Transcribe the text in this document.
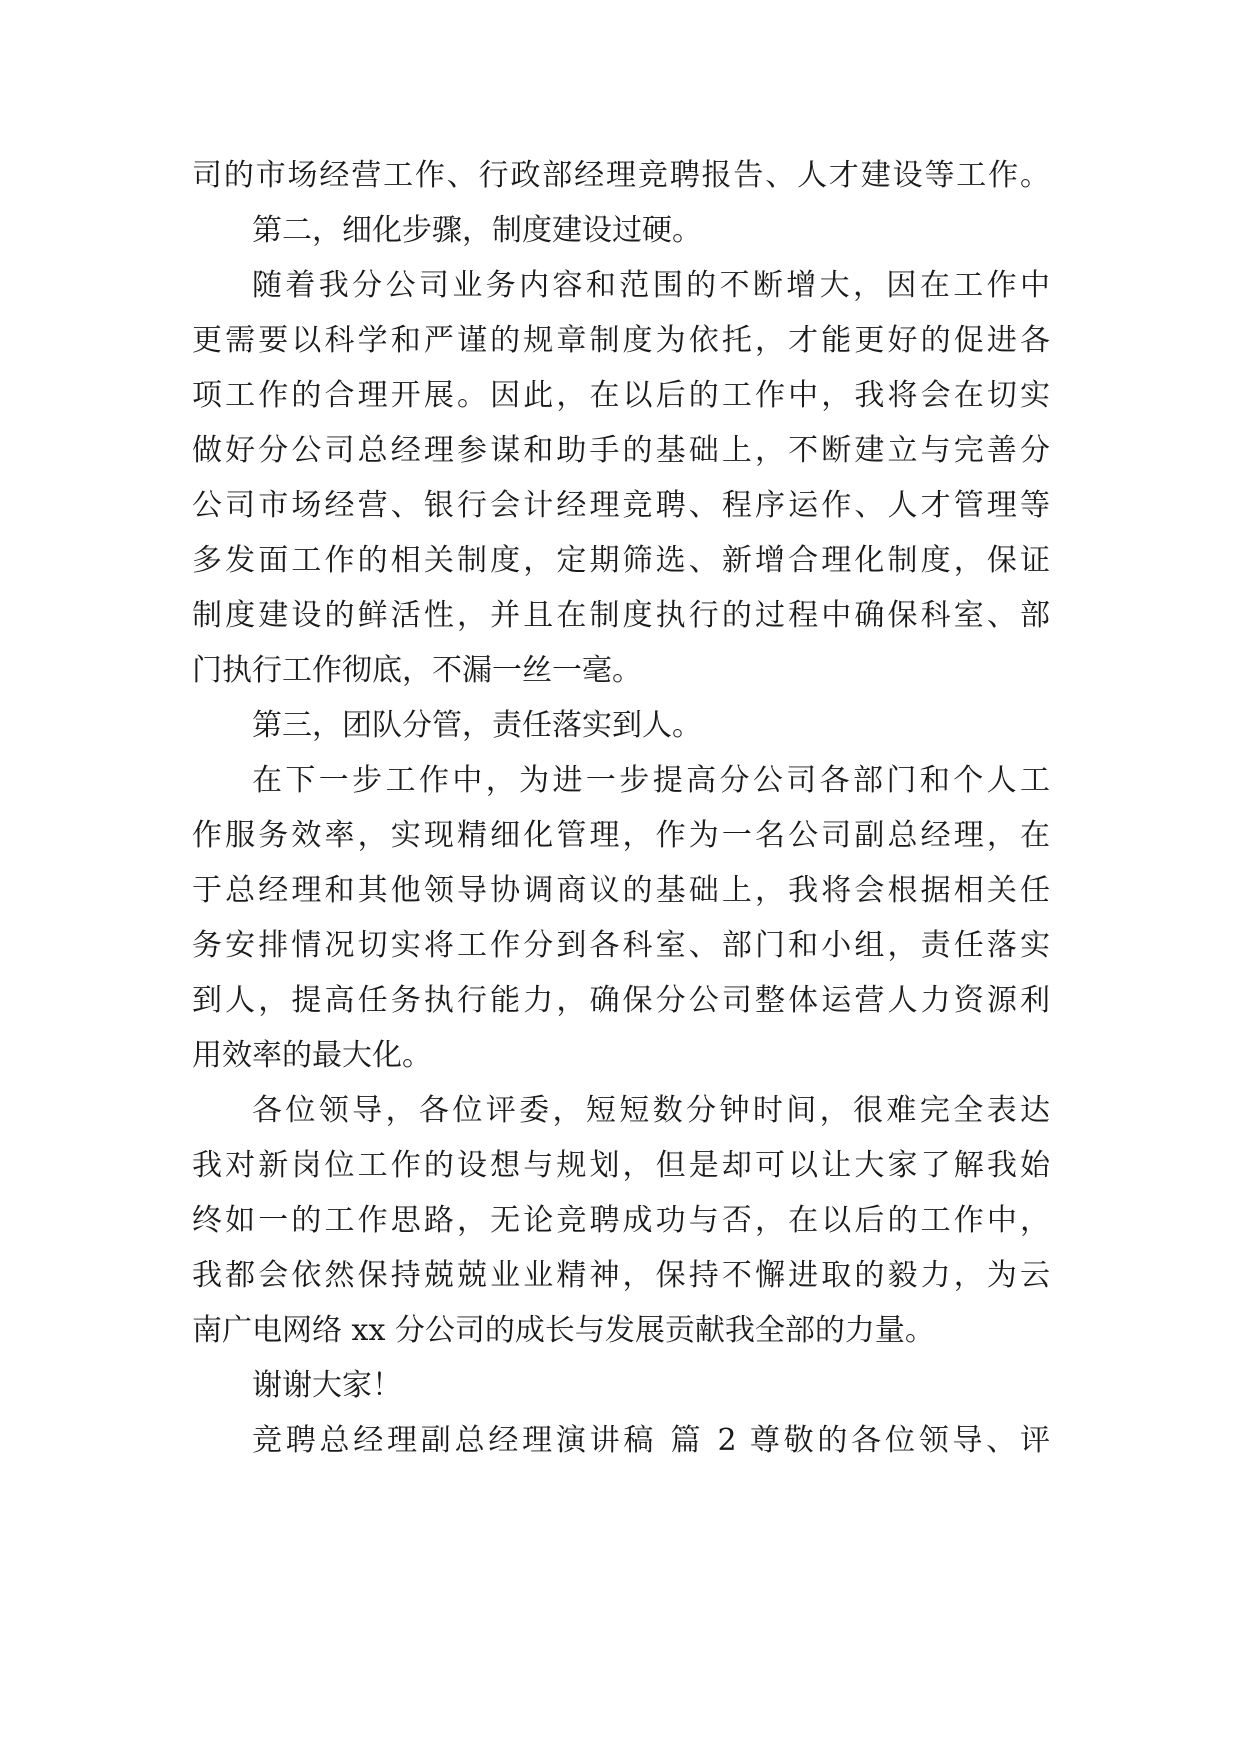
司的市场经营工作、行政部经理竞聘报告、人才建设等工作。
第二，细化步骤，制度建设过硬。
随着我分公司业务内容和范围的不断增大，因在工作中
更需要以科学和严谨的规章制度为依托，才能更好的促进各
项工作的合理开展。因此，在以后的工作中，我将会在切实
做好分公司总经理参谋和助手的基础上，不断建立与完善分
公司市场经营、银行会计经理竞聘、程序运作、人才管理等
多发面工作的相关制度，定期筛选、新增合理化制度，保证
制度建设的鲜活性，并且在制度执行的过程中确保科室、部
门执行工作彻底，不漏一丝一毫。
第三，团队分管，责任落实到人。
在下一步工作中，为进一步提高分公司各部门和个人工
作服务效率，实现精细化管理，作为一名公司副总经理，在
于总经理和其他领导协调商议的基础上，我将会根据相关任
务安排情况切实将工作分到各科室、部门和小组，责任落实
到人，提高任务执行能力，确保分公司整体运营人力资源利
用效率的最大化。
各位领导，各位评委，短短数分钟时间，很难完全表达
我对新岗位工作的设想与规划，但是却可以让大家了解我始
终如一的工作思路，无论竞聘成功与否，在以后的工作中，
我都会依然保持兢兢业业精神，保持不懈进取的毅力，为云
南广电网络 xx 分公司的成长与发展贡献我全部的力量。
谢谢大家！
竞聘总经理副总经理演讲稿 篇 2 尊敬的各位领导、评
